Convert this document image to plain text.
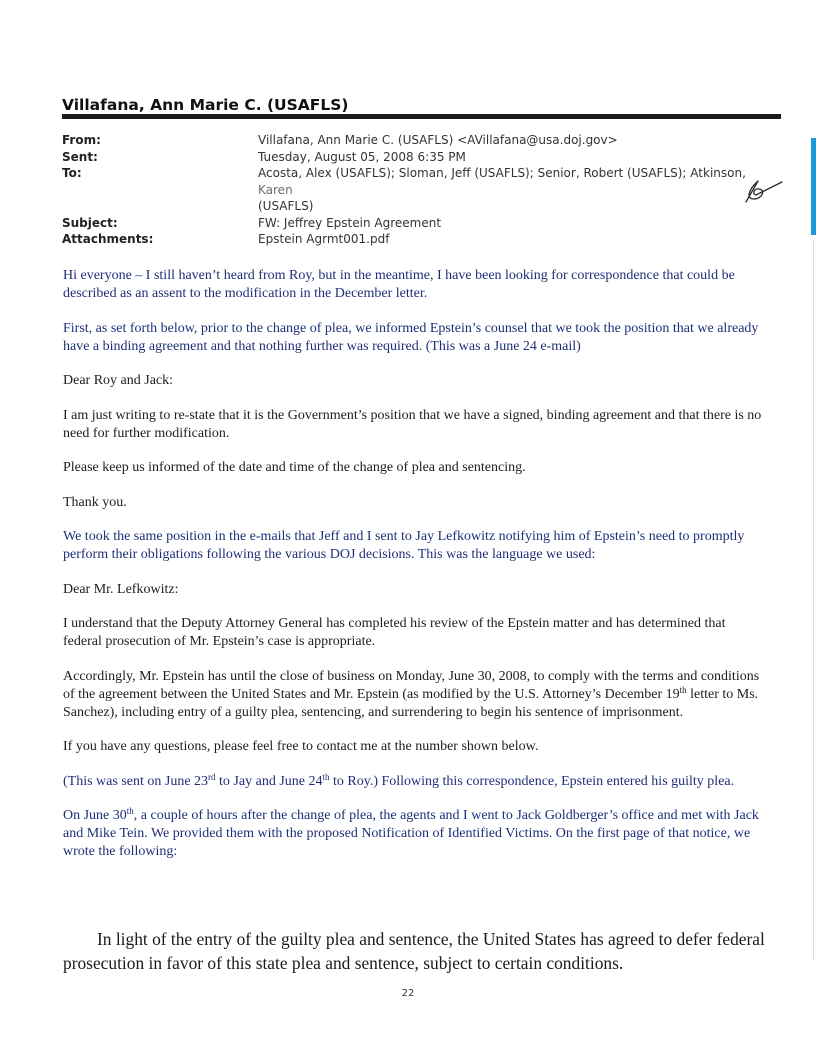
Villafana, Ann Marie C. (USAFLS)
From:	Villafana, Ann Marie C. (USAFLS) <AVillafana@usa.doj.gov>
Sent:	Tuesday, August 05, 2008 6:35 PM
To:	Acosta, Alex (USAFLS); Sloman, Jeff (USAFLS); Senior, Robert (USAFLS); Atkinson, Karen
(USAFLS)
Subject:	FW: Jeffrey Epstein Agreement
Attachments:	Epstein Agrmt001.pdf

Hi everyone – I still haven’t heard from Roy, but in the meantime, I have been looking for correspondence that could be described as an assent to the modification in the December letter.

First, as set forth below, prior to the change of plea, we informed Epstein’s counsel that we took the position that we already have a binding agreement and that nothing further was required. (This was a June 24 e-mail)

Dear Roy and Jack:

I am just writing to re-state that it is the Government’s position that we have a signed, binding agreement and that there is no need for further modification.

Please keep us informed of the date and time of the change of plea and sentencing.

Thank you.

We took the same position in the e-mails that Jeff and I sent to Jay Lefkowitz notifying him of Epstein’s need to promptly perform their obligations following the various DOJ decisions. This was the language we used:

Dear Mr. Lefkowitz:

I understand that the Deputy Attorney General has completed his review of the Epstein matter and has determined that federal prosecution of Mr. Epstein’s case is appropriate.

Accordingly, Mr. Epstein has until the close of business on Monday, June 30, 2008, to comply with the terms and conditions of the agreement between the United States and Mr. Epstein (as modified by the U.S. Attorney’s December 19th letter to Ms. Sanchez), including entry of a guilty plea, sentencing, and surrendering to begin his sentence of imprisonment.

If you have any questions, please feel free to contact me at the number shown below.

(This was sent on June 23rd to Jay and June 24th to Roy.) Following this correspondence, Epstein entered his guilty plea.

On June 30th, a couple of hours after the change of plea, the agents and I went to Jack Goldberger’s office and met with Jack and Mike Tein. We provided them with the proposed Notification of Identified Victims. On the first page of that notice, we wrote the following:

In light of the entry of the guilty plea and sentence, the United States has agreed to defer federal prosecution in favor of this state plea and sentence, subject to certain conditions.

22
